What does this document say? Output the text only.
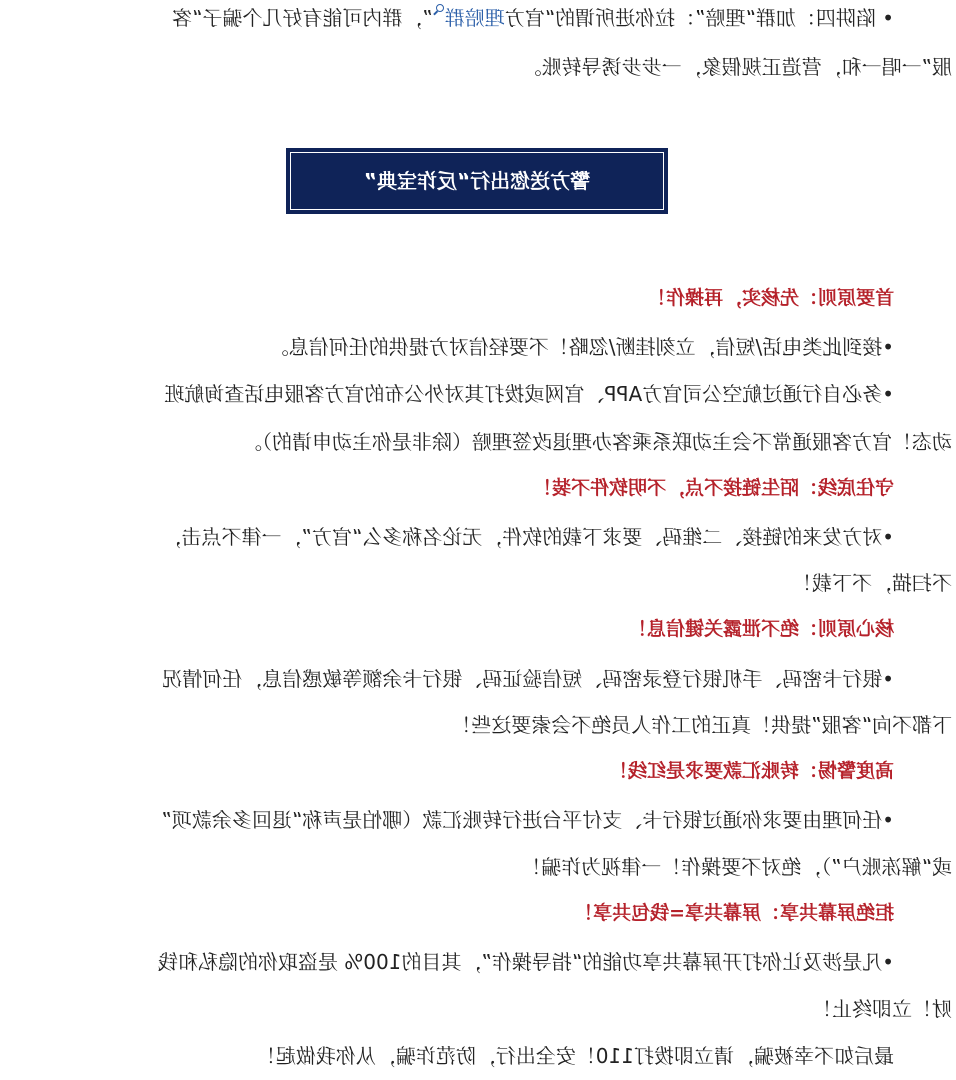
• 陷阱四：加群“理赔”：拉你进所谓的“官方理赔群”，群内可能有好几个骗子“客
服”一唱一和，营造正规假象，一步步诱导转账。
警方送您出行“反诈宝典”
首要原则：先核实，再操作！
•接到此类电话/短信，立刻挂断/忽略！不要轻信对方提供的任何信息。
•务必自行通过航空公司官方APP、官网或拨打其对外公布的官方客服电话查询航班
动态！官方客服通常不会主动联系乘客办理退改签理赔（除非是你主动申请的）。
守住底线：陌生链接不点，不明软件不装！
•对方发来的链接、二维码、要求下载的软件，无论名称多么“官方”，一律不点击，
不扫描，不下载！
核心原则：绝不泄露关键信息！
•银行卡密码、手机银行登录密码、短信验证码、银行卡余额等敏感信息，任何情况
下都不向“客服”提供！真正的工作人员绝不会索要这些！
高度警惕：转账汇款要求是红线！
•任何理由要求你通过银行卡、支付平台进行转账汇款（哪怕是声称“退回多余款项”
或“解冻账户”），绝对不要操作！一律视为诈骗！
拒绝屏幕共享：屏幕共享=钱包共享！
•凡是涉及让你打开屏幕共享功能的“指导操作”，其目的100% 是盗取你的隐私和钱
财！立即终止！
最后如不幸被骗，请立即拨打110！安全出行，防范诈骗，从你我做起！
